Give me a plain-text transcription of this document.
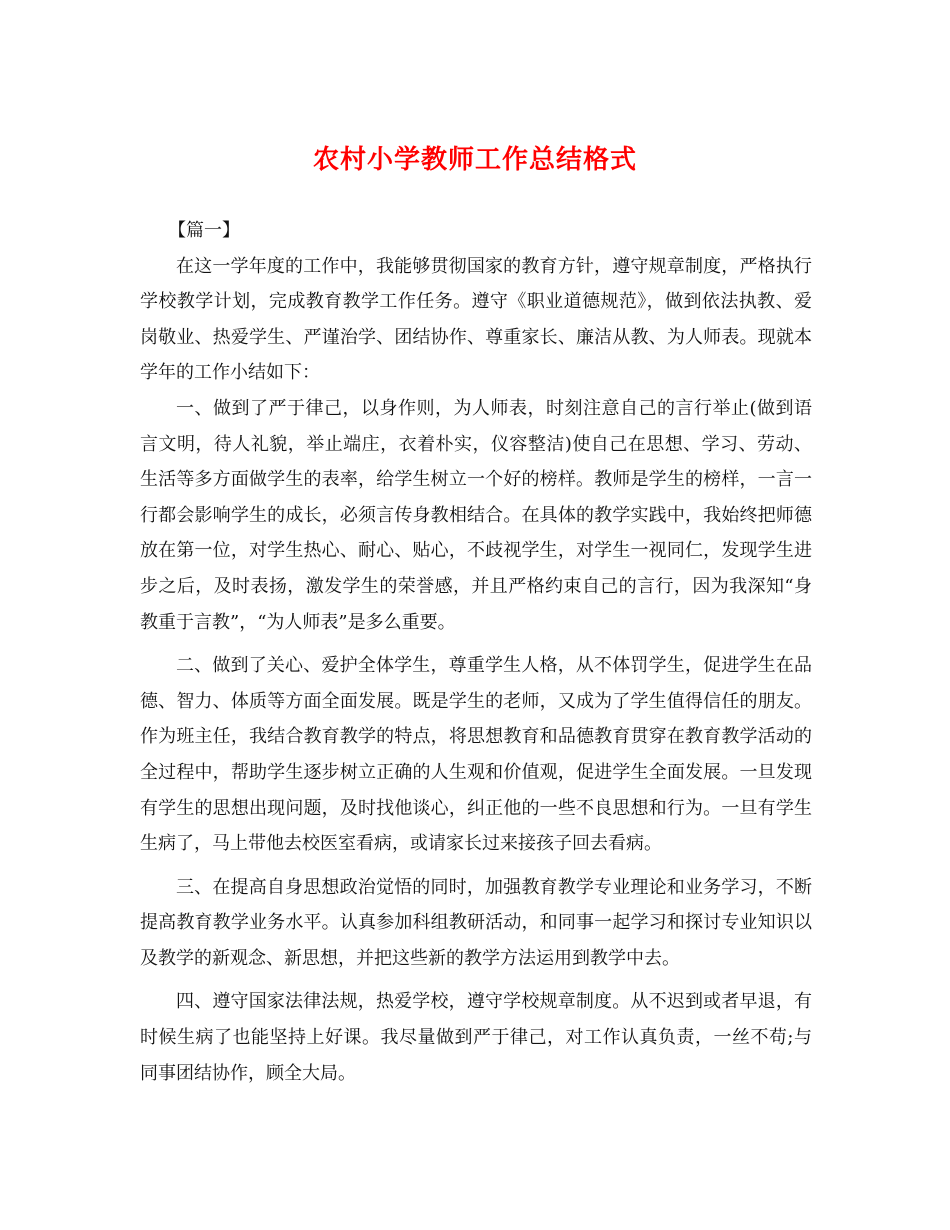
农村小学教师工作总结格式

【篇一】

在这一学年度的工作中，我能够贯彻国家的教育方针，遵守规章制度，严格执行学校教学计划，完成教育教学工作任务。遵守《职业道德规范》，做到依法执教、爱岗敬业、热爱学生、严谨治学、团结协作、尊重家长、廉洁从教、为人师表。现就本学年的工作小结如下：

一、做到了严于律己，以身作则，为人师表，时刻注意自己的言行举止(做到语言文明，待人礼貌，举止端庄，衣着朴实，仪容整洁)使自己在思想、学习、劳动、生活等多方面做学生的表率，给学生树立一个好的榜样。教师是学生的榜样，一言一行都会影响学生的成长，必须言传身教相结合。在具体的教学实践中，我始终把师德放在第一位，对学生热心、耐心、贴心，不歧视学生，对学生一视同仁，发现学生进步之后，及时表扬，激发学生的荣誉感，并且严格约束自己的言行，因为我深知“身教重于言教”，“为人师表”是多么重要。

二、做到了关心、爱护全体学生，尊重学生人格，从不体罚学生，促进学生在品德、智力、体质等方面全面发展。既是学生的老师，又成为了学生值得信任的朋友。作为班主任，我结合教育教学的特点，将思想教育和品德教育贯穿在教育教学活动的全过程中，帮助学生逐步树立正确的人生观和价值观，促进学生全面发展。一旦发现有学生的思想出现问题，及时找他谈心，纠正他的一些不良思想和行为。一旦有学生生病了，马上带他去校医室看病，或请家长过来接孩子回去看病。

三、在提高自身思想政治觉悟的同时，加强教育教学专业理论和业务学习，不断提高教育教学业务水平。认真参加科组教研活动，和同事一起学习和探讨专业知识以及教学的新观念、新思想，并把这些新的教学方法运用到教学中去。

四、遵守国家法律法规，热爱学校，遵守学校规章制度。从不迟到或者早退，有时候生病了也能坚持上好课。我尽量做到严于律己，对工作认真负责，一丝不苟;与同事团结协作，顾全大局。
